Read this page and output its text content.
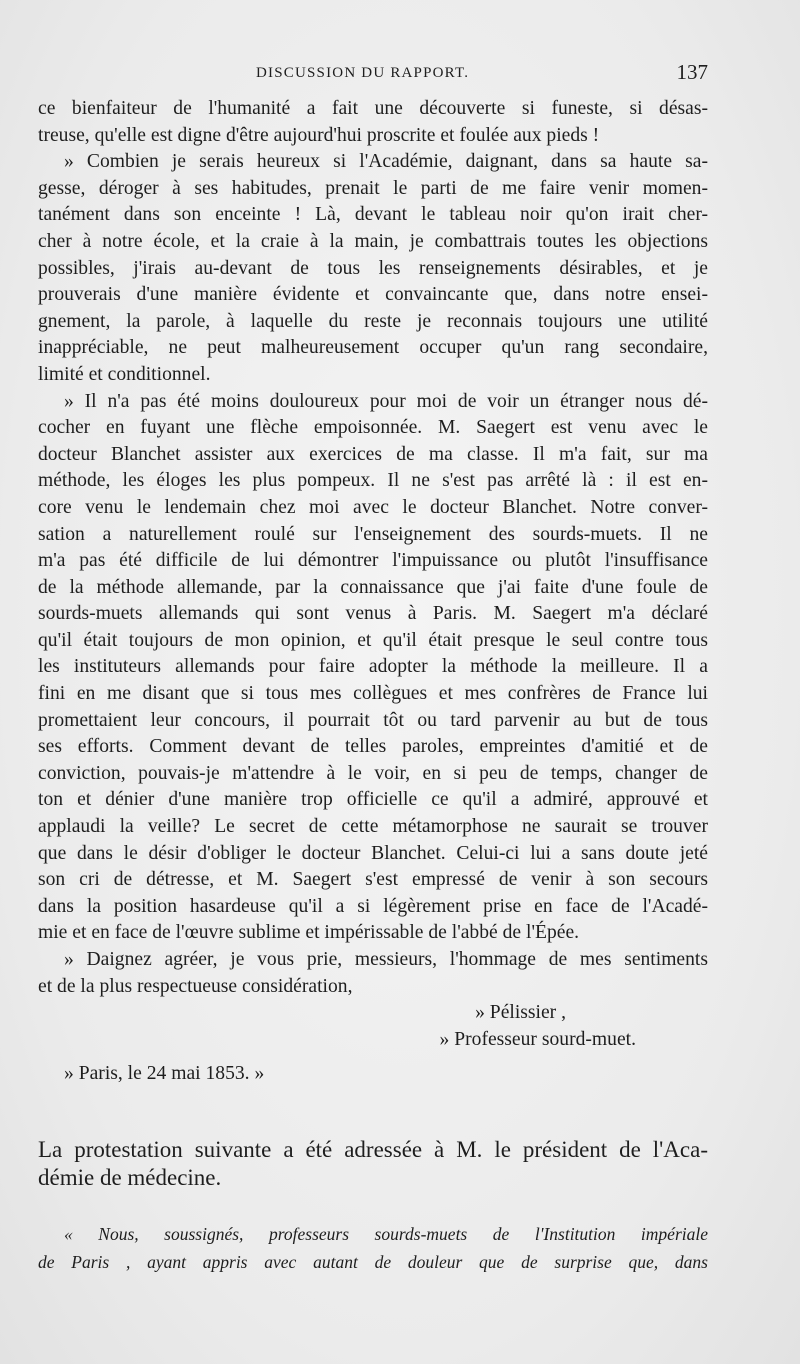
DISCUSSION DU RAPPORT.	137
ce bienfaiteur de l'humanité a fait une découverte si funeste, si désas-
treuse, qu'elle est digne d'être aujourd'hui proscrite et foulée aux pieds !
» Combien je serais heureux si l'Académie, daignant, dans sa haute sa-
gesse, déroger à ses habitudes, prenait le parti de me faire venir momen-
tanément dans son enceinte ! Là, devant le tableau noir qu'on irait cher-
cher à notre école, et la craie à la main, je combattrais toutes les objections
possibles, j'irais au-devant de tous les renseignements désirables, et je
prouverais d'une manière évidente et convaincante que, dans notre ensei-
gnement, la parole, à laquelle du reste je reconnais toujours une utilité
inappréciable, ne peut malheureusement occuper qu'un rang secondaire,
limité et conditionnel.
» Il n'a pas été moins douloureux pour moi de voir un étranger nous dé-
cocher en fuyant une flèche empoisonnée. M. Saegert est venu avec le
docteur Blanchet assister aux exercices de ma classe. Il m'a fait, sur ma
méthode, les éloges les plus pompeux. Il ne s'est pas arrêté là : il est en-
core venu le lendemain chez moi avec le docteur Blanchet. Notre conver-
sation a naturellement roulé sur l'enseignement des sourds-muets. Il ne
m'a pas été difficile de lui démontrer l'impuissance ou plutôt l'insuffisance
de la méthode allemande, par la connaissance que j'ai faite d'une foule de
sourds-muets allemands qui sont venus à Paris. M. Saegert m'a déclaré
qu'il était toujours de mon opinion, et qu'il était presque le seul contre tous
les instituteurs allemands pour faire adopter la méthode la meilleure. Il a
fini en me disant que si tous mes collègues et mes confrères de France lui
promettaient leur concours, il pourrait tôt ou tard parvenir au but de tous
ses efforts. Comment devant de telles paroles, empreintes d'amitié et de
conviction, pouvais-je m'attendre à le voir, en si peu de temps, changer de
ton et dénier d'une manière trop officielle ce qu'il a admiré, approuvé et
applaudi la veille? Le secret de cette métamorphose ne saurait se trouver
que dans le désir d'obliger le docteur Blanchet. Celui-ci lui a sans doute jeté
son cri de détresse, et M. Saegert s'est empressé de venir à son secours
dans la position hasardeuse qu'il a si légèrement prise en face de l'Acadé-
mie et en face de l'œuvre sublime et impérissable de l'abbé de l'Épée.
» Daignez agréer, je vous prie, messieurs, l'hommage de mes sentiments
et de la plus respectueuse considération,
» Pélissier ,
» Professeur sourd-muet.
» Paris, le 24 mai 1853. »
La protestation suivante a été adressée à M. le président de l'Aca-
démie de médecine.
« Nous, soussignés, professeurs sourds-muets de l'Institution impériale
de Paris , ayant appris avec autant de douleur que de surprise que, dans
